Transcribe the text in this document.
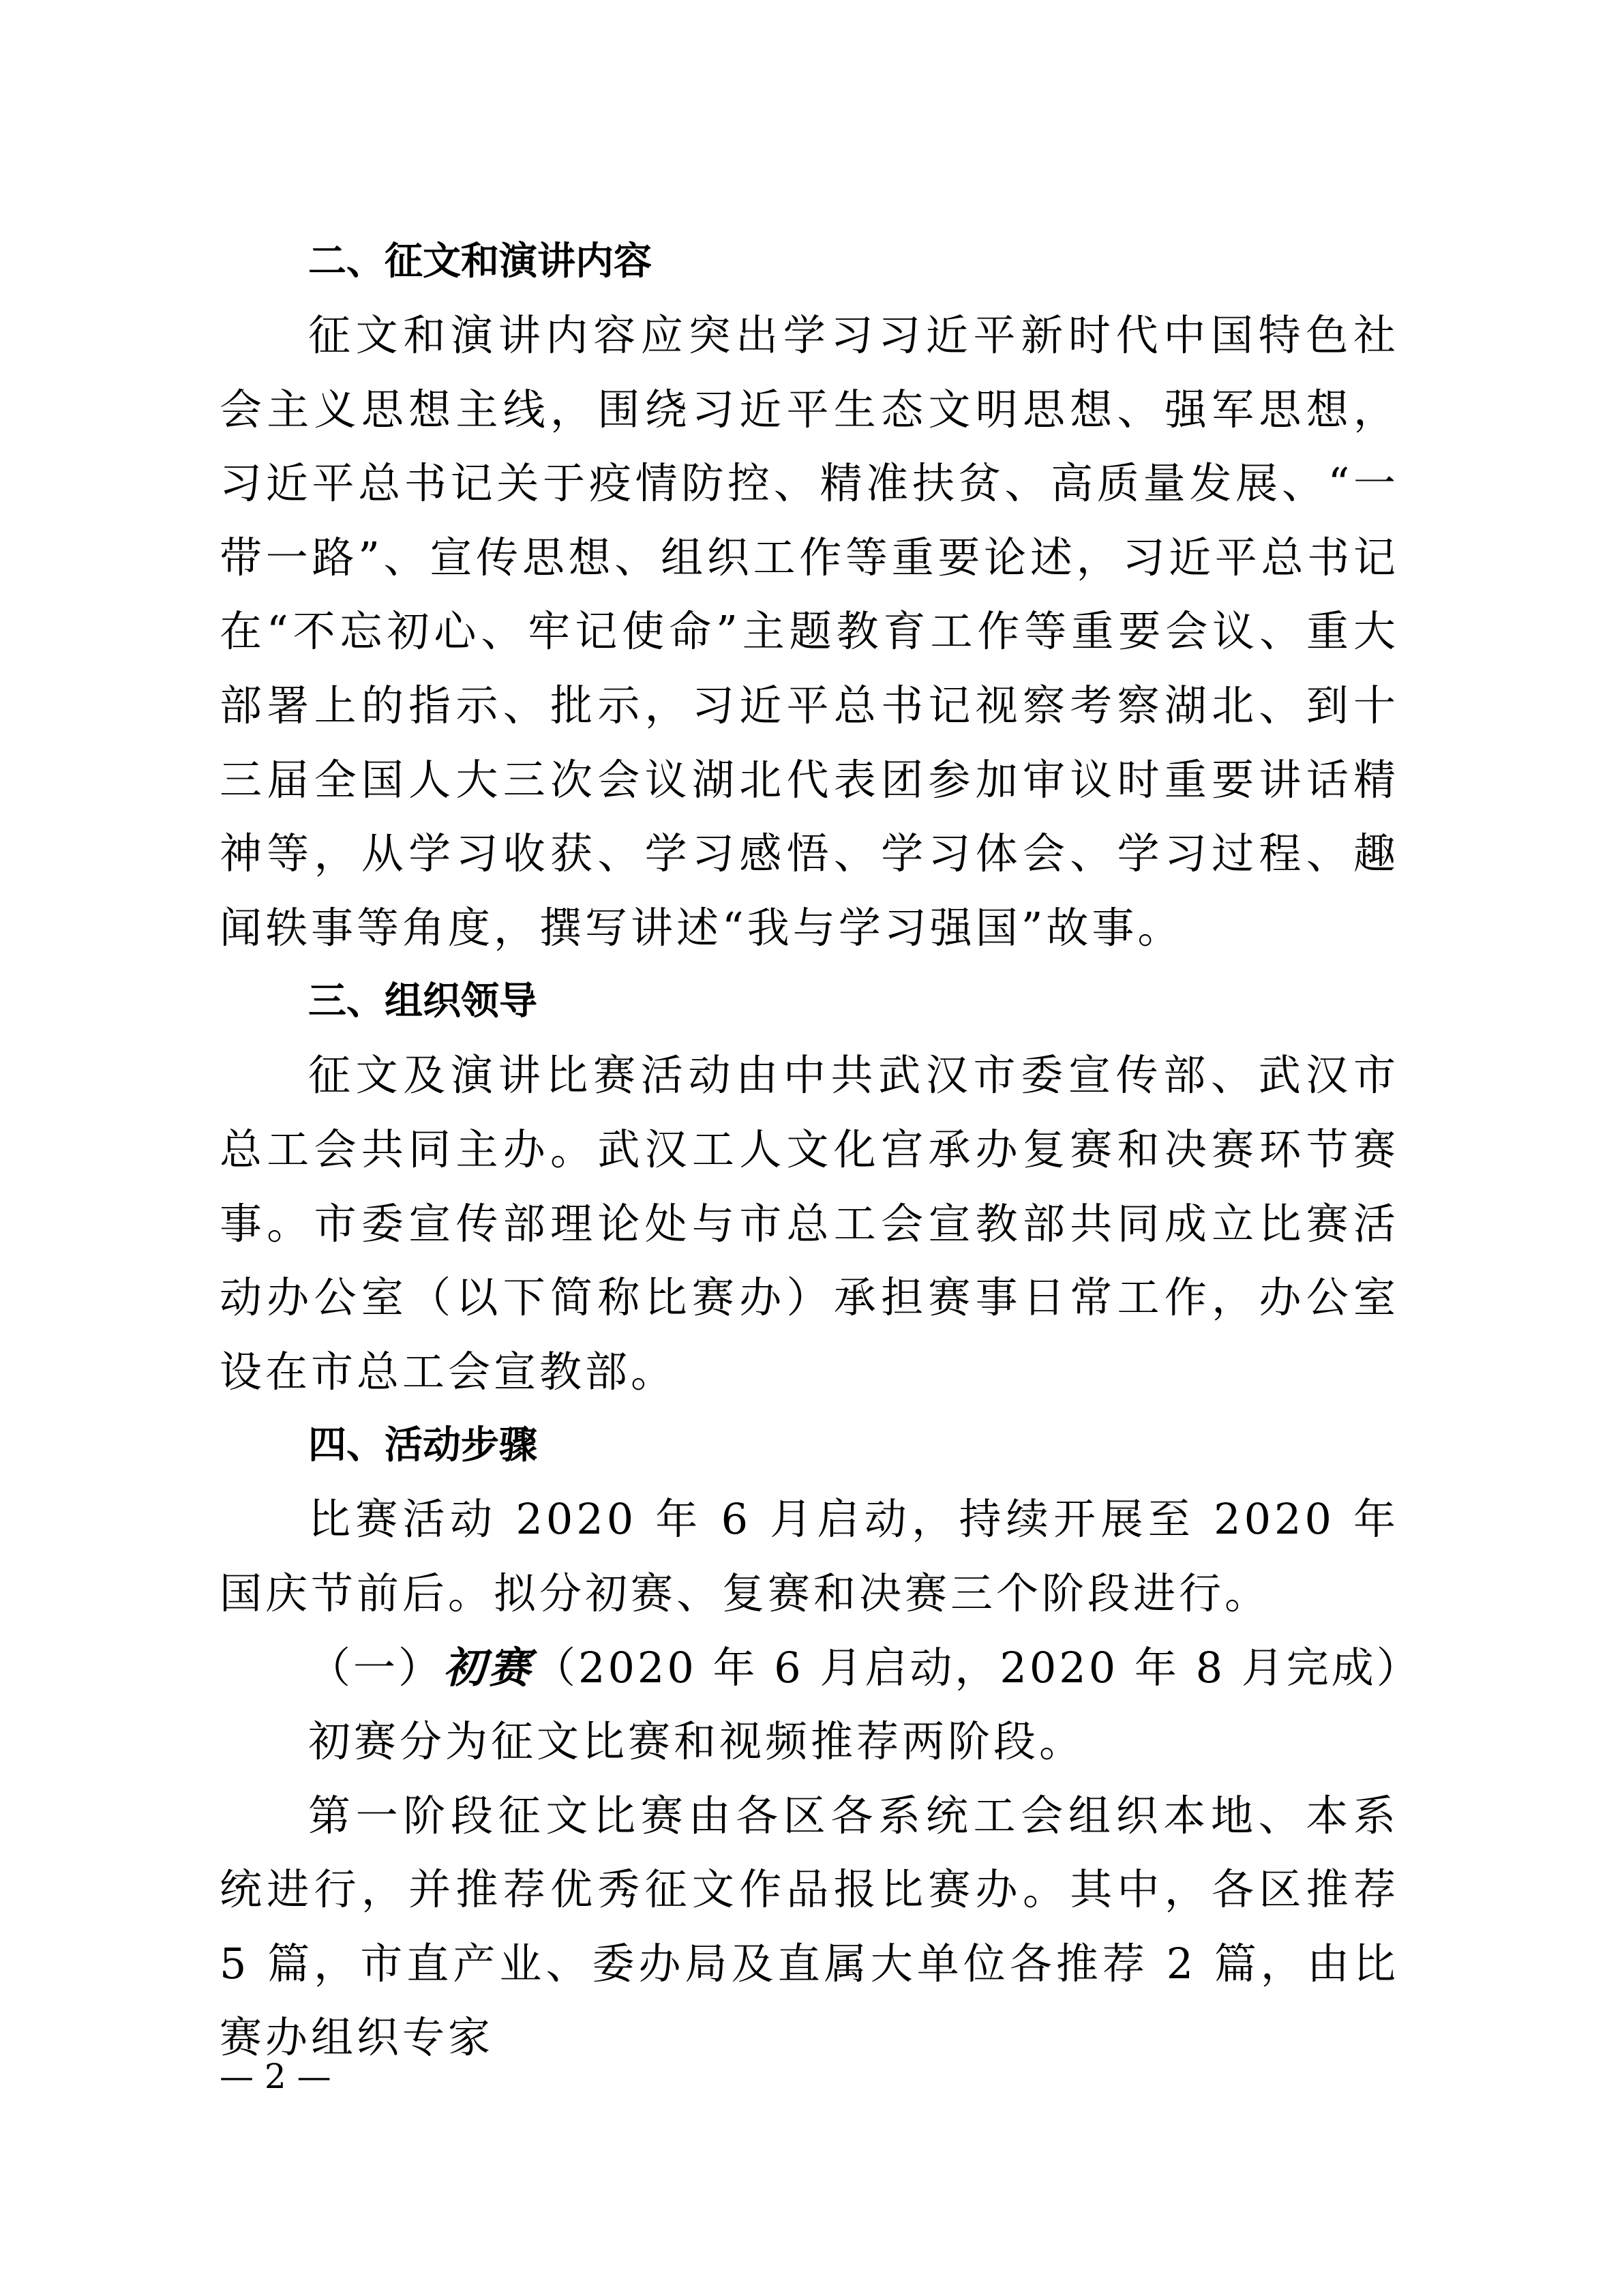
二、征文和演讲内容

征文和演讲内容应突出学习习近平新时代中国特色社会主义思想主线，围绕习近平生态文明思想、强军思想，习近平总书记关于疫情防控、精准扶贫、高质量发展、“一带一路”、宣传思想、组织工作等重要论述，习近平总书记在“不忘初心、牢记使命”主题教育工作等重要会议、重大部署上的指示、批示，习近平总书记视察考察湖北、到十三届全国人大三次会议湖北代表团参加审议时重要讲话精神等，从学习收获、学习感悟、学习体会、学习过程、趣闻轶事等角度，撰写讲述“我与学习强国”故事。

三、组织领导

征文及演讲比赛活动由中共武汉市委宣传部、武汉市总工会共同主办。武汉工人文化宫承办复赛和决赛环节赛事。市委宣传部理论处与市总工会宣教部共同成立比赛活动办公室（以下简称比赛办）承担赛事日常工作，办公室设在市总工会宣教部。

四、活动步骤

比赛活动 2020 年 6 月启动，持续开展至 2020 年国庆节前后。拟分初赛、复赛和决赛三个阶段进行。

（一）初赛（2020 年 6 月启动，2020 年 8 月完成）

初赛分为征文比赛和视频推荐两阶段。

第一阶段征文比赛由各区各系统工会组织本地、本系统进行，并推荐优秀征文作品报比赛办。其中，各区推荐 5 篇，市直产业、委办局及直属大单位各推荐 2 篇，由比赛办组织专家

— 2 —
